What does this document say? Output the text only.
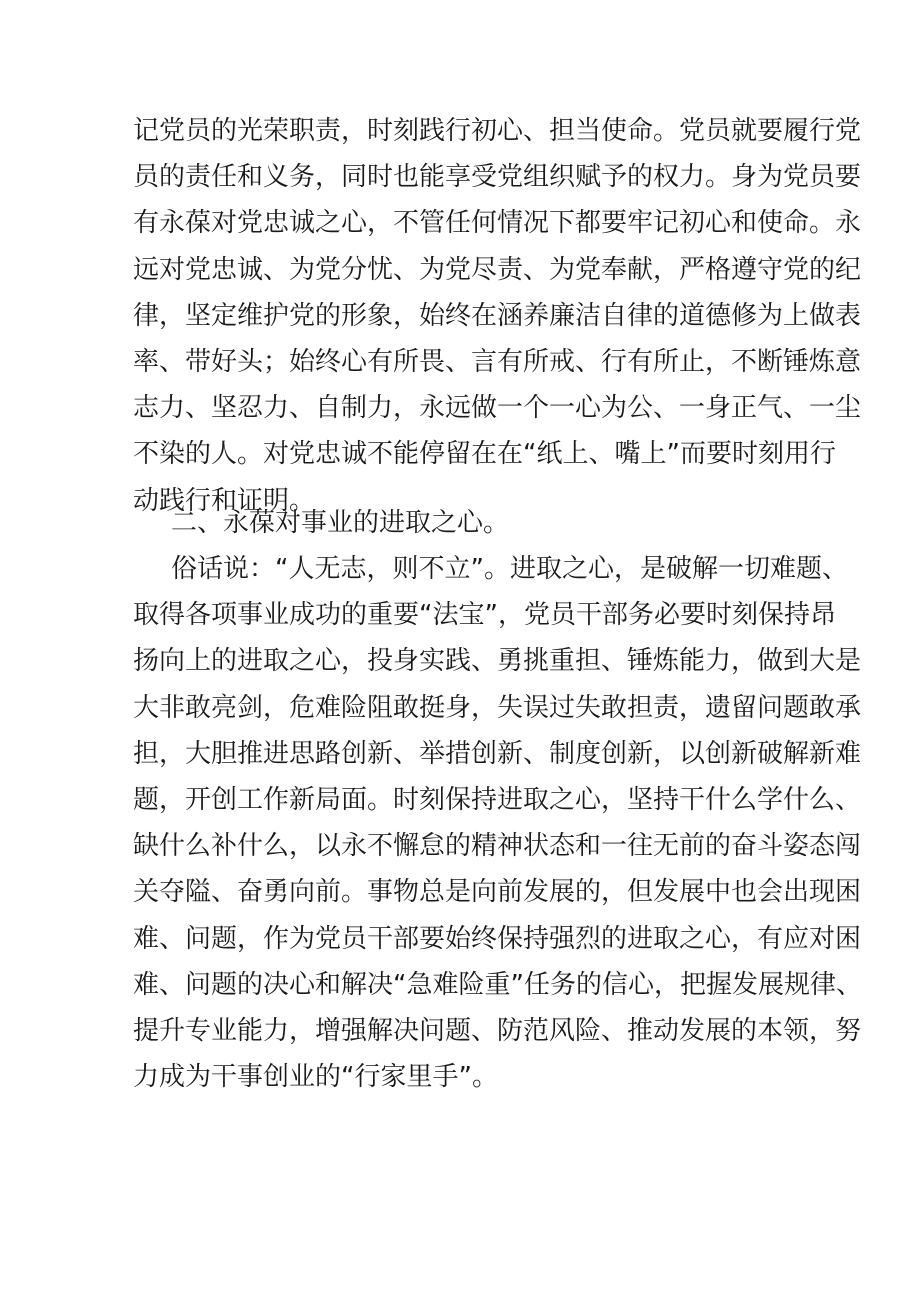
记党员的光荣职责，时刻践行初心、担当使命。党员就要履行党
员的责任和义务，同时也能享受党组织赋予的权力。身为党员要
有永葆对党忠诚之心，不管任何情况下都要牢记初心和使命。永
远对党忠诚、为党分忧、为党尽责、为党奉献，严格遵守党的纪
律，坚定维护党的形象，始终在涵养廉洁自律的道德修为上做表
率、带好头；始终心有所畏、言有所戒、行有所止，不断锤炼意
志力、坚忍力、自制力，永远做一个一心为公、一身正气、一尘
不染的人。对党忠诚不能停留在在“纸上、嘴上”而要时刻用行
动践行和证明。
二、永葆对事业的进取之心。
俗话说：“人无志，则不立”。进取之心，是破解一切难题、
取得各项事业成功的重要“法宝”，党员干部务必要时刻保持昂
扬向上的进取之心，投身实践、勇挑重担、锤炼能力，做到大是
大非敢亮剑，危难险阻敢挺身，失误过失敢担责，遗留问题敢承
担，大胆推进思路创新、举措创新、制度创新，以创新破解新难
题，开创工作新局面。时刻保持进取之心，坚持干什么学什么、
缺什么补什么，以永不懈怠的精神状态和一往无前的奋斗姿态闯
关夺隘、奋勇向前。事物总是向前发展的，但发展中也会出现困
难、问题，作为党员干部要始终保持强烈的进取之心，有应对困
难、问题的决心和解决“急难险重”任务的信心，把握发展规律、
提升专业能力，增强解决问题、防范风险、推动发展的本领，努
力成为干事创业的“行家里手”。
